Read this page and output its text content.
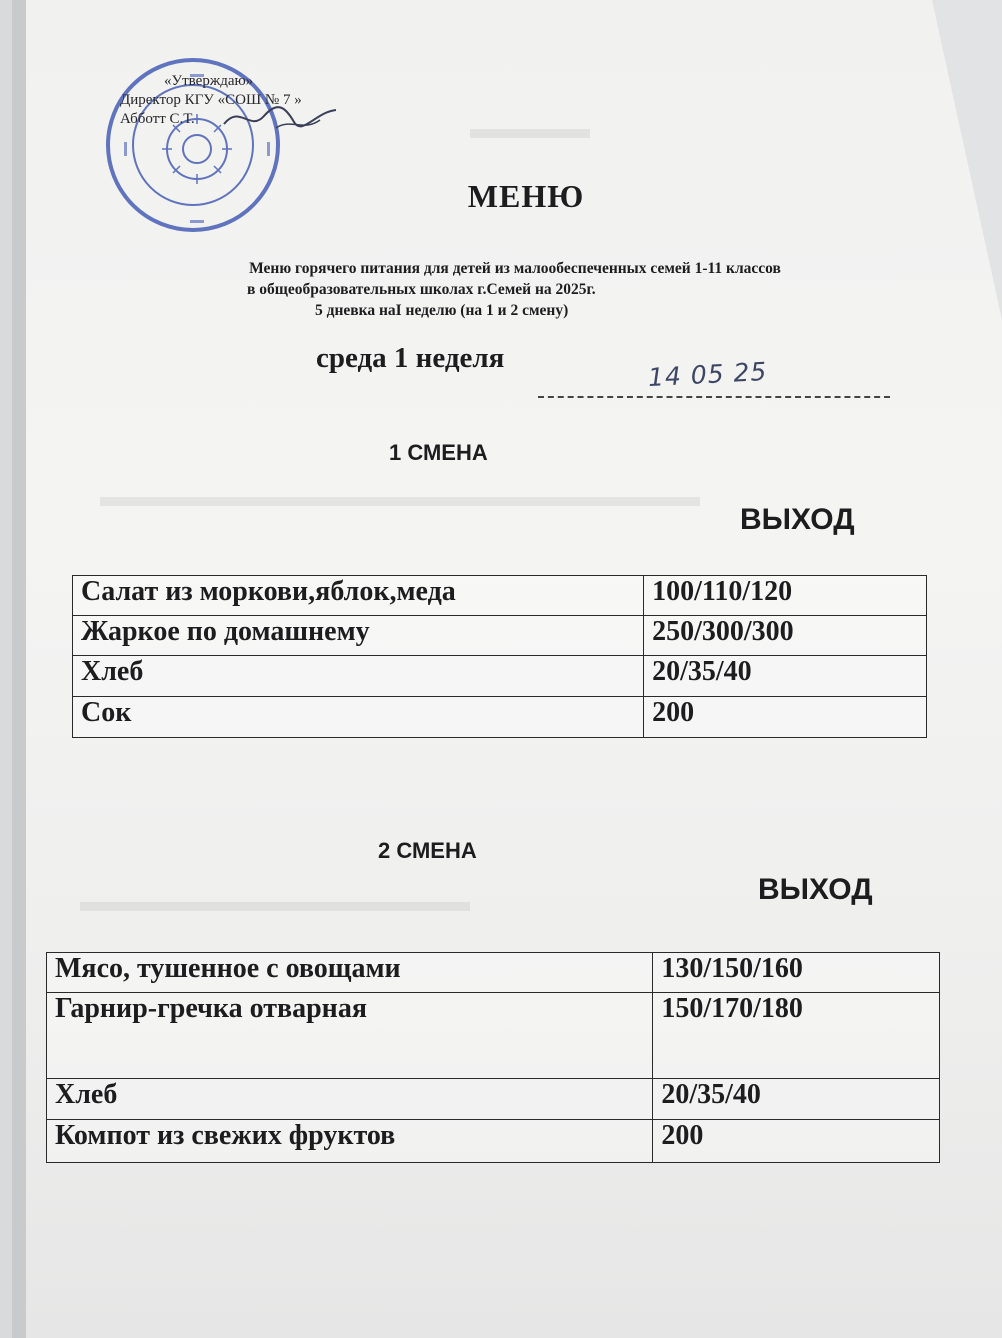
«Утверждаю»
Директор КГУ «СОШ № 7 »
Абботт С.Т.	▬▬▬▬
▬▬▬▬▬▬▬▬▬▬▬▬▬▬▬▬▬▬▬▬
▬▬▬▬▬▬▬▬▬▬▬▬▬
МЕНЮ
Меню горячего питания для детей из малообеспеченных семей 1-11 классов
в общеобразовательных школах г.Семей на 2025г.
5 дневка наI неделю (на 1 и 2 смену)
среда 1 неделя	14 05 25
1 СМЕНА
ВЫХОД
Салат из моркови,яблок,меда	100/110/120
Жаркое по домашнему	250/300/300
Хлеб	20/35/40
Сок	200
2 СМЕНА
ВЫХОД
Мясо, тушенное с овощами	130/150/160
Гарнир-гречка отварная	150/170/180
Хлеб	20/35/40
Компот из свежих фруктов	200
